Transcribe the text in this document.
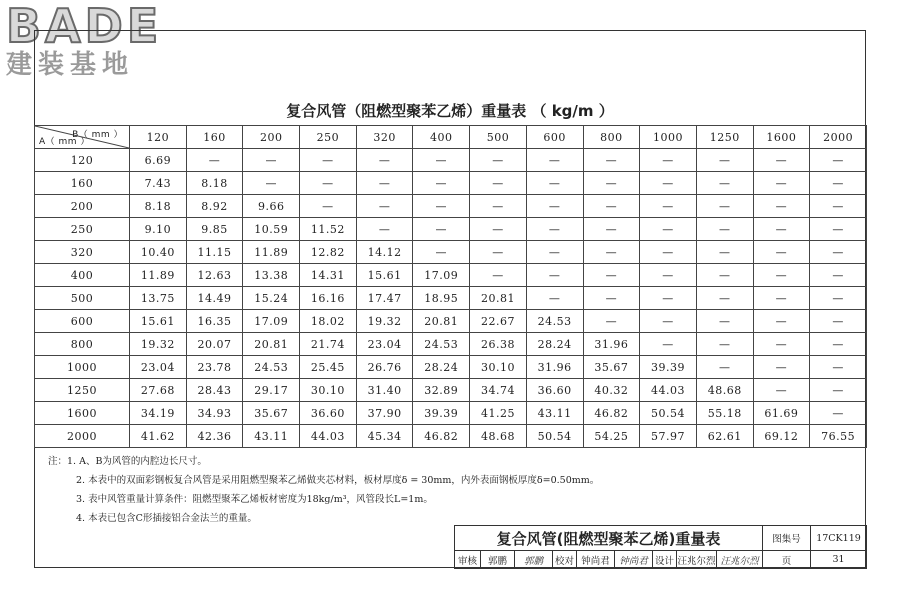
BADE
建装基地
复合风管（阻燃型聚苯乙烯）重量表 （ kg/m ）
B（ mm ）
A（ mm ）	120	160	200	250	320	400	500	600	800	1000	1250	1600	2000
120	6.69	—	—	—	—	—	—	—	—	—	—	—	—
160	7.43	8.18	—	—	—	—	—	—	—	—	—	—	—
200	8.18	8.92	9.66	—	—	—	—	—	—	—	—	—	—
250	9.10	9.85	10.59	11.52	—	—	—	—	—	—	—	—	—
320	10.40	11.15	11.89	12.82	14.12	—	—	—	—	—	—	—	—
400	11.89	12.63	13.38	14.31	15.61	17.09	—	—	—	—	—	—	—
500	13.75	14.49	15.24	16.16	17.47	18.95	20.81	—	—	—	—	—	—
600	15.61	16.35	17.09	18.02	19.32	20.81	22.67	24.53	—	—	—	—	—
800	19.32	20.07	20.81	21.74	23.04	24.53	26.38	28.24	31.96	—	—	—	—
1000	23.04	23.78	24.53	25.45	26.76	28.24	30.10	31.96	35.67	39.39	—	—	—
1250	27.68	28.43	29.17	30.10	31.40	32.89	34.74	36.60	40.32	44.03	48.68	—	—
1600	34.19	34.93	35.67	36.60	37.90	39.39	41.25	43.11	46.82	50.54	55.18	61.69	—
2000	41.62	42.36	43.11	44.03	45.34	46.82	48.68	50.54	54.25	57.97	62.61	69.12	76.55
注：1. A、B为风管的内腔边长尺寸。
2. 本表中的双面彩钢板复合风管是采用阻燃型聚苯乙烯做夹芯材料，板材厚度δ = 30mm，内外表面钢板厚度δ=0.50mm。
3. 表中风管重量计算条件：阻燃型聚苯乙烯板材密度为18kg/m³，风管段长L=1m。
4. 本表已包含C形插接铝合金法兰的重量。
复合风管(阻燃型聚苯乙烯)重量表									图集号	17CK119
审核	郭鹏	郭鹏	校对	钟尚君	钟尚君	设计	汪兆尔烈	汪兆尔烈	页	31
